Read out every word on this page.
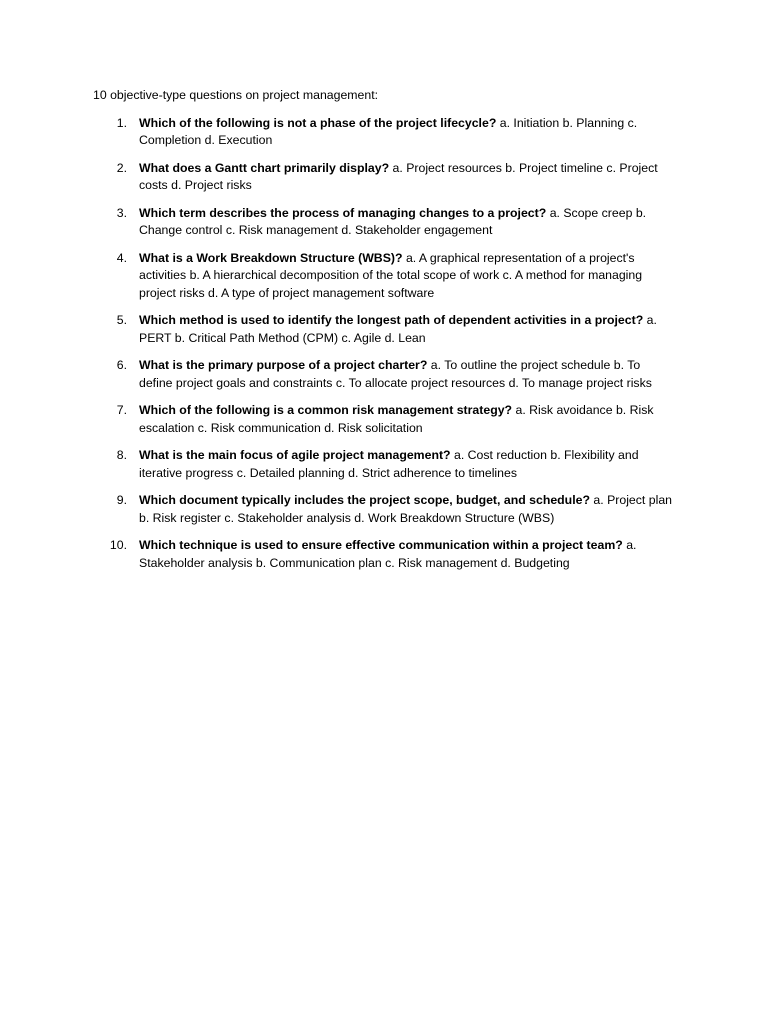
10 objective-type questions on project management:

1. Which of the following is not a phase of the project lifecycle? a. Initiation b. Planning c. Completion d. Execution
2. What does a Gantt chart primarily display? a. Project resources b. Project timeline c. Project costs d. Project risks
3. Which term describes the process of managing changes to a project? a. Scope creep b. Change control c. Risk management d. Stakeholder engagement
4. What is a Work Breakdown Structure (WBS)? a. A graphical representation of a project's activities b. A hierarchical decomposition of the total scope of work c. A method for managing project risks d. A type of project management software
5. Which method is used to identify the longest path of dependent activities in a project? a. PERT b. Critical Path Method (CPM) c. Agile d. Lean
6. What is the primary purpose of a project charter? a. To outline the project schedule b. To define project goals and constraints c. To allocate project resources d. To manage project risks
7. Which of the following is a common risk management strategy? a. Risk avoidance b. Risk escalation c. Risk communication d. Risk solicitation
8. What is the main focus of agile project management? a. Cost reduction b. Flexibility and iterative progress c. Detailed planning d. Strict adherence to timelines
9. Which document typically includes the project scope, budget, and schedule? a. Project plan b. Risk register c. Stakeholder analysis d. Work Breakdown Structure (WBS)
10. Which technique is used to ensure effective communication within a project team? a. Stakeholder analysis b. Communication plan c. Risk management d. Budgeting
